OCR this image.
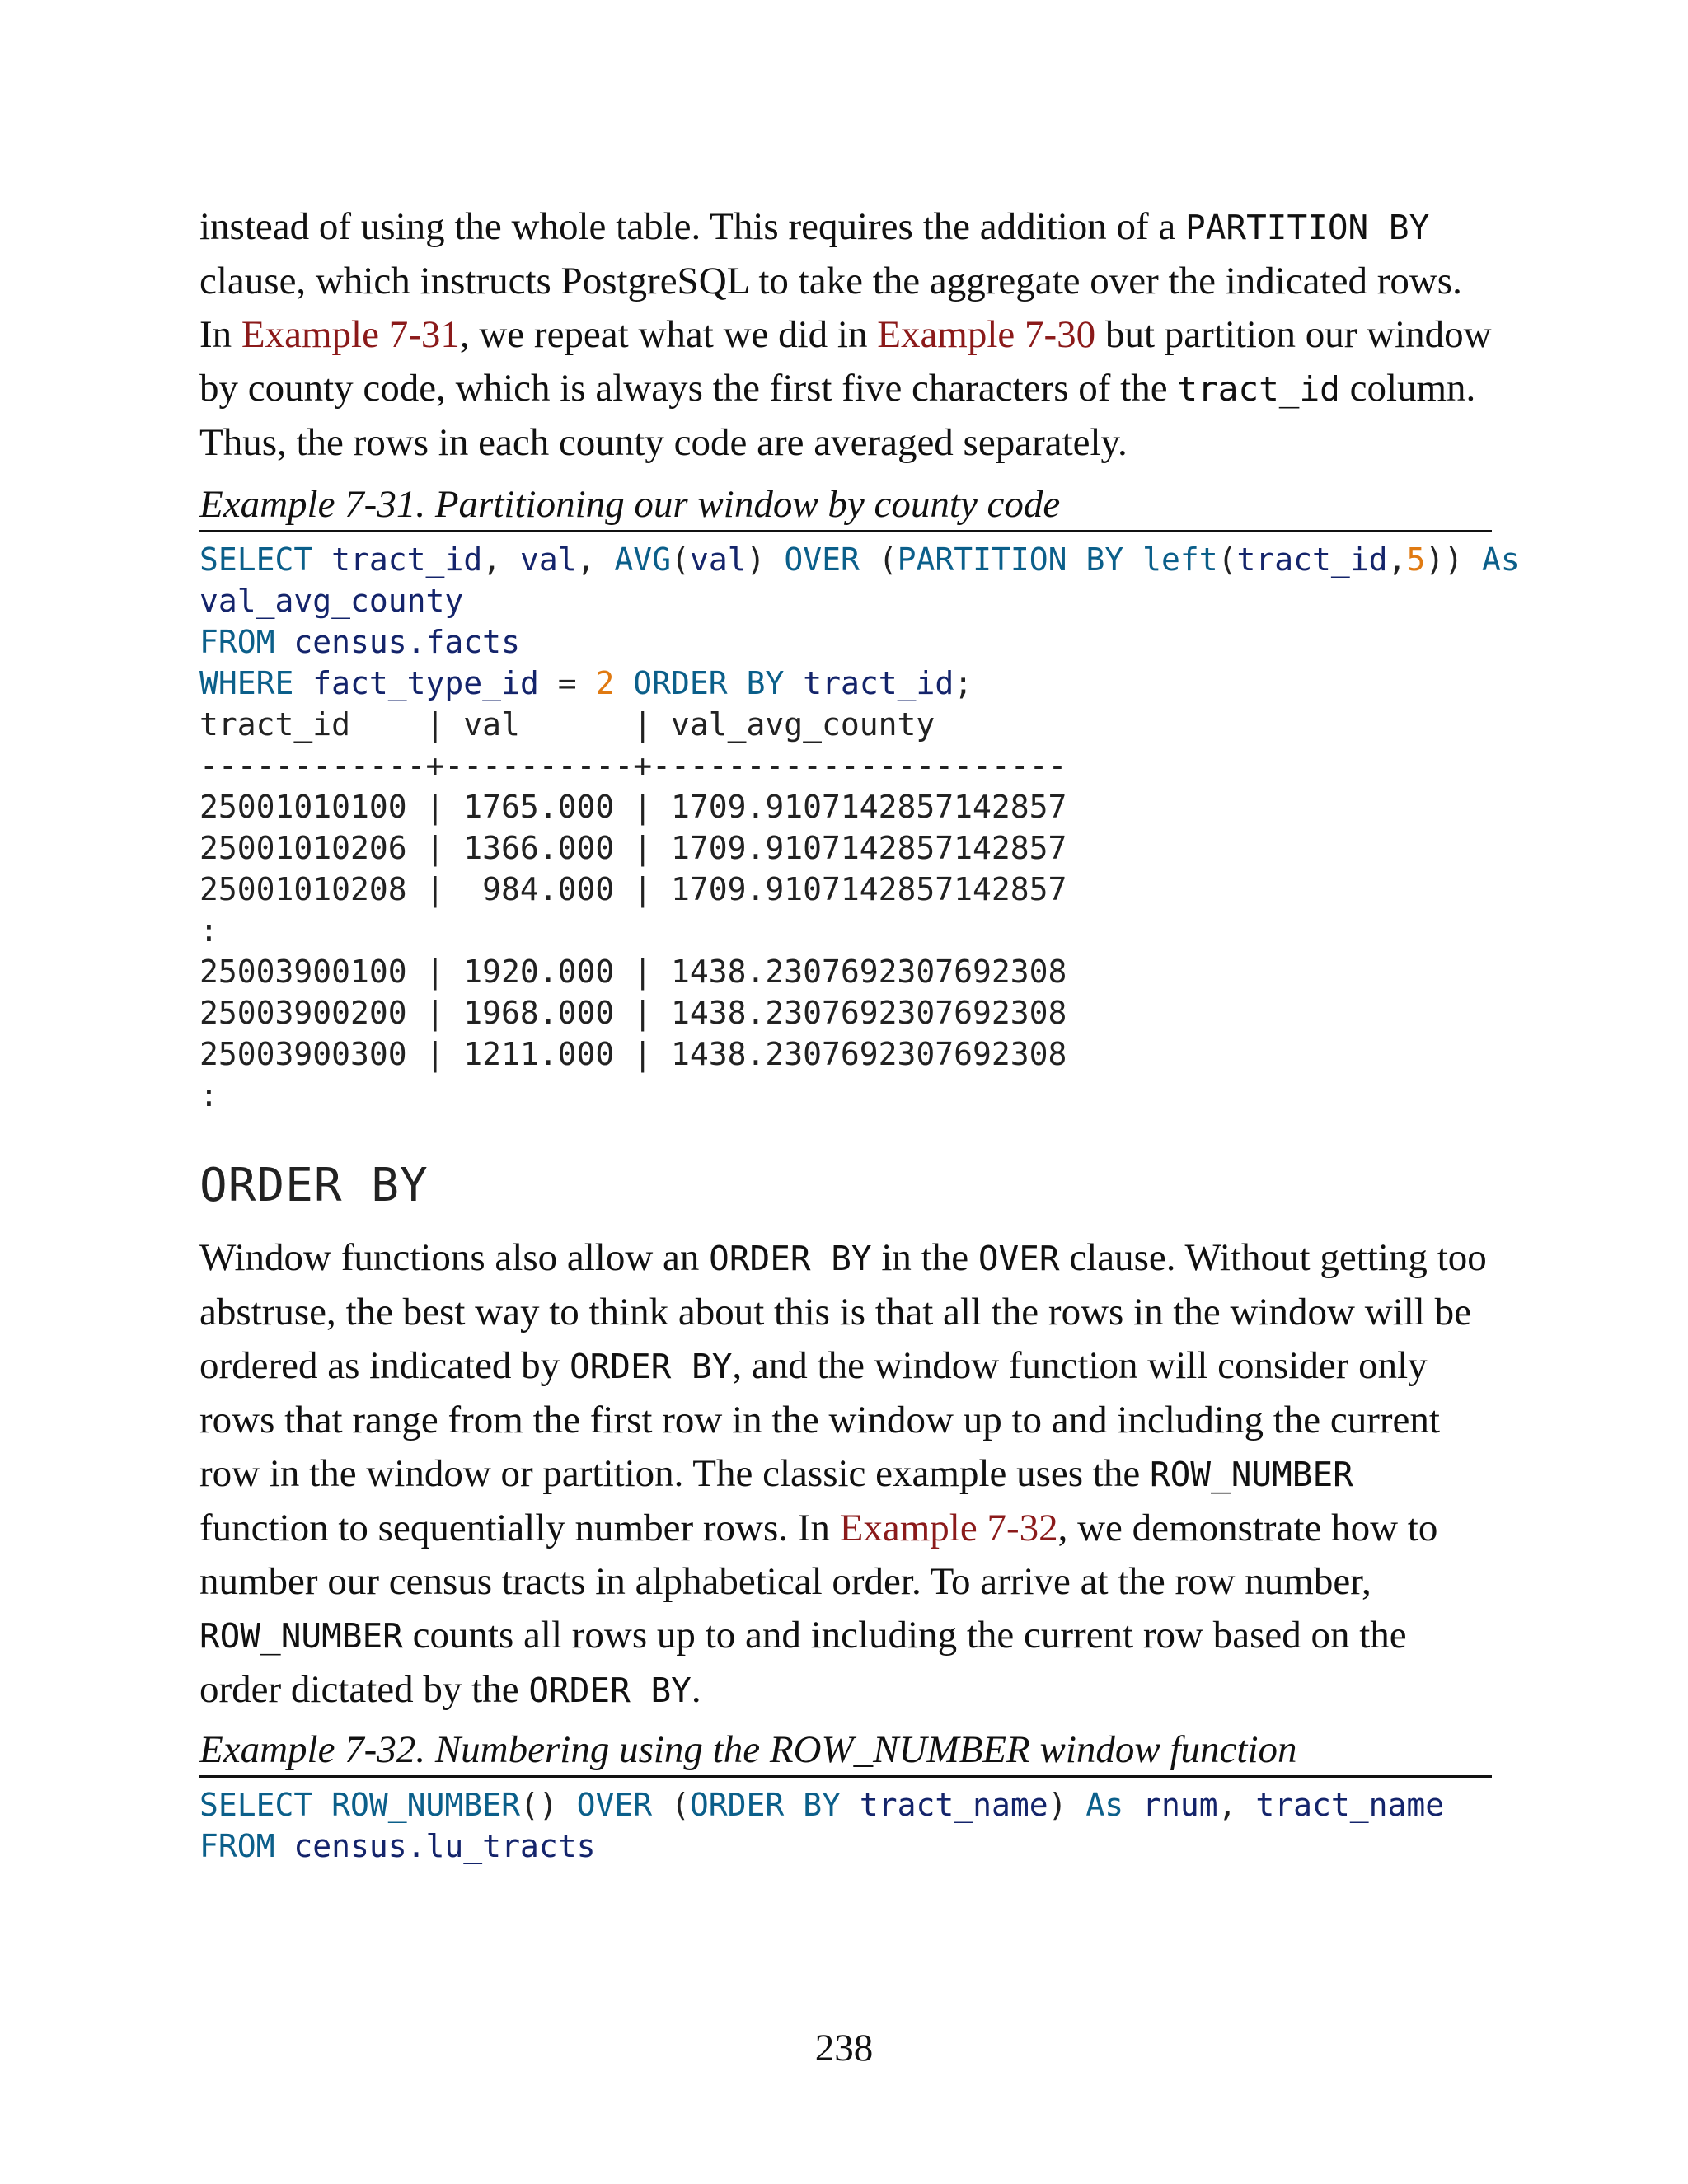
instead of using the whole table. This requires the addition of a PARTITION BY clause, which instructs PostgreSQL to take the aggregate over the indicated rows. In Example 7-31, we repeat what we did in Example 7-30 but partition our window by county code, which is always the first five characters of the tract_id column. Thus, the rows in each county code are averaged separately.

Example 7-31. Partitioning our window by county code

SELECT tract_id, val, AVG(val) OVER (PARTITION BY left(tract_id,5)) As
val_avg_county
FROM census.facts
WHERE fact_type_id = 2 ORDER BY tract_id;
tract_id    | val      | val_avg_county
------------+----------+----------------------
25001010100 | 1765.000 | 1709.9107142857142857
25001010206 | 1366.000 | 1709.9107142857142857
25001010208 |  984.000 | 1709.9107142857142857
:
25003900100 | 1920.000 | 1438.2307692307692308
25003900200 | 1968.000 | 1438.2307692307692308
25003900300 | 1211.000 | 1438.2307692307692308
:
ORDER BY

Window functions also allow an ORDER BY in the OVER clause. Without getting too abstruse, the best way to think about this is that all the rows in the window will be ordered as indicated by ORDER BY, and the window function will consider only rows that range from the first row in the window up to and including the current row in the window or partition. The classic example uses the ROW_NUMBER function to sequentially number rows. In Example 7-32, we demonstrate how to number our census tracts in alphabetical order. To arrive at the row number, ROW_NUMBER counts all rows up to and including the current row based on the order dictated by the ORDER BY.

Example 7-32. Numbering using the ROW_NUMBER window function

SELECT ROW_NUMBER() OVER (ORDER BY tract_name) As rnum, tract_name
FROM census.lu_tracts
238
